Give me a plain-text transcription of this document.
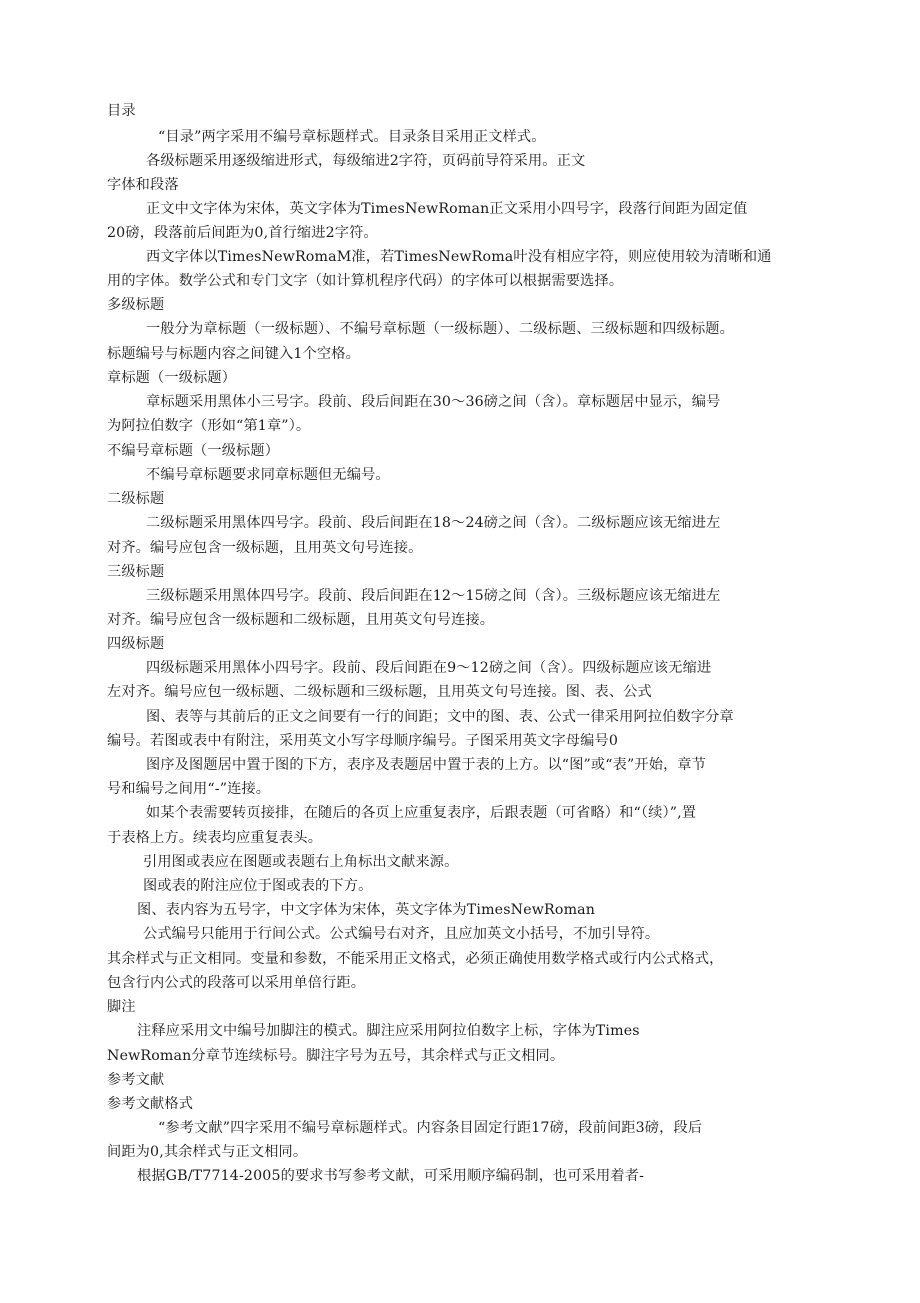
目录
“目录”两字采用不编号章标题样式。目录条目采用正文样式。
各级标题采用逐级缩进形式，每级缩进2字符，页码前导符采用。正文
字体和段落
正文中文字体为宋体，英文字体为TimesNewRoman正文采用小四号字，段落行间距为固定值
20磅，段落前后间距为0,首行缩进2字符。
西文字体以TimesNewRomaM准，若TimesNewRoma叶没有相应字符，则应使用较为清晰和通
用的字体。数学公式和专门文字（如计算机程序代码）的字体可以根据需要选择。
多级标题
一般分为章标题（一级标题）、不编号章标题（一级标题）、二级标题、三级标题和四级标题。
标题编号与标题内容之间键入1个空格。
章标题（一级标题）
章标题采用黑体小三号字。段前、段后间距在30～36磅之间（含）。章标题居中显示，编号
为阿拉伯数字（形如“第1章”）。
不编号章标题（一级标题）
不编号章标题要求同章标题但无编号。
二级标题
二级标题采用黑体四号字。段前、段后间距在18～24磅之间（含）。二级标题应该无缩进左
对齐。编号应包含一级标题，且用英文句号连接。
三级标题
三级标题采用黑体四号字。段前、段后间距在12～15磅之间（含）。三级标题应该无缩进左
对齐。编号应包含一级标题和二级标题，且用英文句号连接。
四级标题
四级标题采用黑体小四号字。段前、段后间距在9～12磅之间（含）。四级标题应该无缩进
左对齐。编号应包一级标题、二级标题和三级标题，且用英文句号连接。图、表、公式
图、表等与其前后的正文之间要有一行的间距；文中的图、表、公式一律采用阿拉伯数字分章
编号。若图或表中有附注，采用英文小写字母顺序编号。子图采用英文字母编号0
图序及图题居中置于图的下方，表序及表题居中置于表的上方。以“图”或“表”开始，章节
号和编号之间用“-”连接。
如某个表需要转页接排，在随后的各页上应重复表序，后跟表题（可省略）和“（续）”,置
于表格上方。续表均应重复表头。
引用图或表应在图题或表题右上角标出文献来源。
图或表的附注应位于图或表的下方。
图、表内容为五号字，中文字体为宋体，英文字体为TimesNewRoman
公式编号只能用于行间公式。公式编号右对齐，且应加英文小括号，不加引导符。
其余样式与正文相同。变量和参数，不能采用正文格式，必须正确使用数学格式或行内公式格式，
包含行内公式的段落可以采用单倍行距。
脚注
注释应采用文中编号加脚注的模式。脚注应采用阿拉伯数字上标，字体为Times
NewRoman分章节连续标号。脚注字号为五号，其余样式与正文相同。
参考文献
参考文献格式
“参考文献”四字采用不编号章标题样式。内容条目固定行距17磅，段前间距3磅，段后
间距为0,其余样式与正文相同。
根据GB/T7714-2005的要求书写参考文献，可采用顺序编码制，也可采用着者-
